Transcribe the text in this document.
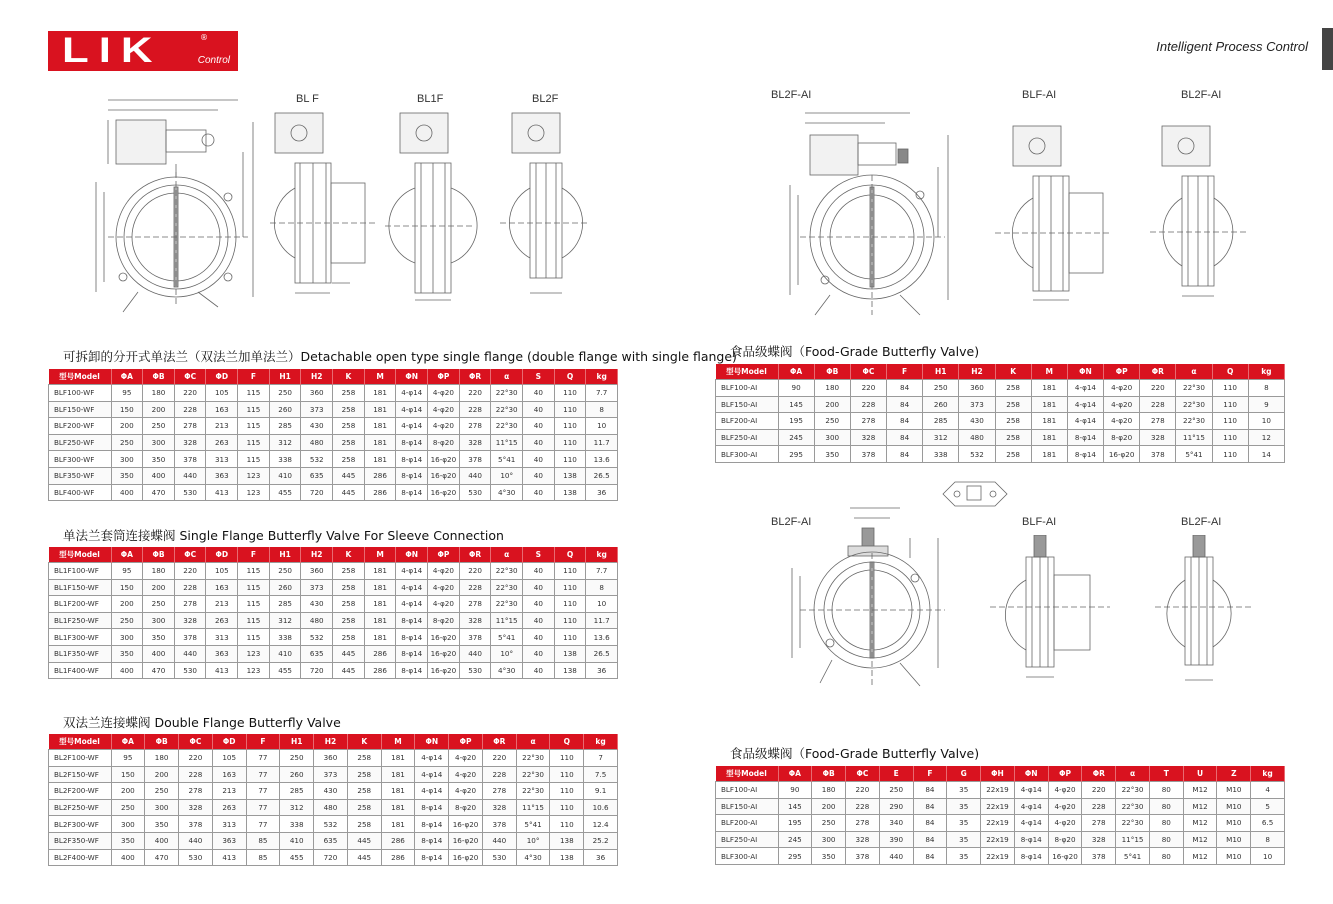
LIK	®
Control
Intelligent Process Control
BL F	BL1F	BL2F	BL2F-AI	BLF-AI	BL2F-AI
BL2F-AI	BLF-AI	BL2F-AI
可拆卸的分开式单法兰（双法兰加单法兰）Detachable open type single flange (double flange with single flange)
单法兰套筒连接蝶阀 Single Flange Butterfly Valve For Sleeve Connection
双法兰连接蝶阀 Double Flange Butterfly Valve
食品级蝶阀（Food-Grade Butterfly Valve)
食品级蝶阀（Food-Grade Butterfly Valve)
型号Model	ΦA	ΦB	ΦC	ΦD	F	H1	H2	K	M	ΦN	ΦP	ΦR	α	S	Q	kg
BLF100-WF	95	180	220	105	115	250	360	258	181	4-φ14	4-φ20	220	22°30	40	110	7.7
BLF150-WF	150	200	228	163	115	260	373	258	181	4-φ14	4-φ20	228	22°30	40	110	8
BLF200-WF	200	250	278	213	115	285	430	258	181	4-φ14	4-φ20	278	22°30	40	110	10
BLF250-WF	250	300	328	263	115	312	480	258	181	8-φ14	8-φ20	328	11°15	40	110	11.7
BLF300-WF	300	350	378	313	115	338	532	258	181	8-φ14	16-φ20	378	5°41	40	110	13.6
BLF350-WF	350	400	440	363	123	410	635	445	286	8-φ14	16-φ20	440	10°	40	138	26.5
BLF400-WF	400	470	530	413	123	455	720	445	286	8-φ14	16-φ20	530	4°30	40	138	36
型号Model	ΦA	ΦB	ΦC	ΦD	F	H1	H2	K	M	ΦN	ΦP	ΦR	α	S	Q	kg
BL1F100-WF	95	180	220	105	115	250	360	258	181	4-φ14	4-φ20	220	22°30	40	110	7.7
BL1F150-WF	150	200	228	163	115	260	373	258	181	4-φ14	4-φ20	228	22°30	40	110	8
BL1F200-WF	200	250	278	213	115	285	430	258	181	4-φ14	4-φ20	278	22°30	40	110	10
BL1F250-WF	250	300	328	263	115	312	480	258	181	8-φ14	8-φ20	328	11°15	40	110	11.7
BL1F300-WF	300	350	378	313	115	338	532	258	181	8-φ14	16-φ20	378	5°41	40	110	13.6
BL1F350-WF	350	400	440	363	123	410	635	445	286	8-φ14	16-φ20	440	10°	40	138	26.5
BL1F400-WF	400	470	530	413	123	455	720	445	286	8-φ14	16-φ20	530	4°30	40	138	36
型号Model	ΦA	ΦB	ΦC	ΦD	F	H1	H2	K	M	ΦN	ΦP	ΦR	α	Q	kg
BL2F100-WF	95	180	220	105	77	250	360	258	181	4-φ14	4-φ20	220	22°30	110	7
BL2F150-WF	150	200	228	163	77	260	373	258	181	4-φ14	4-φ20	228	22°30	110	7.5
BL2F200-WF	200	250	278	213	77	285	430	258	181	4-φ14	4-φ20	278	22°30	110	9.1
BL2F250-WF	250	300	328	263	77	312	480	258	181	8-φ14	8-φ20	328	11°15	110	10.6
BL2F300-WF	300	350	378	313	77	338	532	258	181	8-φ14	16-φ20	378	5°41	110	12.4
BL2F350-WF	350	400	440	363	85	410	635	445	286	8-φ14	16-φ20	440	10°	138	25.2
BL2F400-WF	400	470	530	413	85	455	720	445	286	8-φ14	16-φ20	530	4°30	138	36
型号Model	ΦA	ΦB	ΦC	F	H1	H2	K	M	ΦN	ΦP	ΦR	α	Q	kg
BLF100-AI	90	180	220	84	250	360	258	181	4-φ14	4-φ20	220	22°30	110	8
BLF150-AI	145	200	228	84	260	373	258	181	4-φ14	4-φ20	228	22°30	110	9
BLF200-AI	195	250	278	84	285	430	258	181	4-φ14	4-φ20	278	22°30	110	10
BLF250-AI	245	300	328	84	312	480	258	181	8-φ14	8-φ20	328	11°15	110	12
BLF300-AI	295	350	378	84	338	532	258	181	8-φ14	16-φ20	378	5°41	110	14
型号Model	ΦA	ΦB	ΦC	E	F	G	ΦH	ΦN	ΦP	ΦR	α	T	U	Z	kg
BLF100-AI	90	180	220	250	84	35	22x19	4-φ14	4-φ20	220	22°30	80	M12	M10	4
BLF150-AI	145	200	228	290	84	35	22x19	4-φ14	4-φ20	228	22°30	80	M12	M10	5
BLF200-AI	195	250	278	340	84	35	22x19	4-φ14	4-φ20	278	22°30	80	M12	M10	6.5
BLF250-AI	245	300	328	390	84	35	22x19	8-φ14	8-φ20	328	11°15	80	M12	M10	8
BLF300-AI	295	350	378	440	84	35	22x19	8-φ14	16-φ20	378	5°41	80	M12	M10	10
